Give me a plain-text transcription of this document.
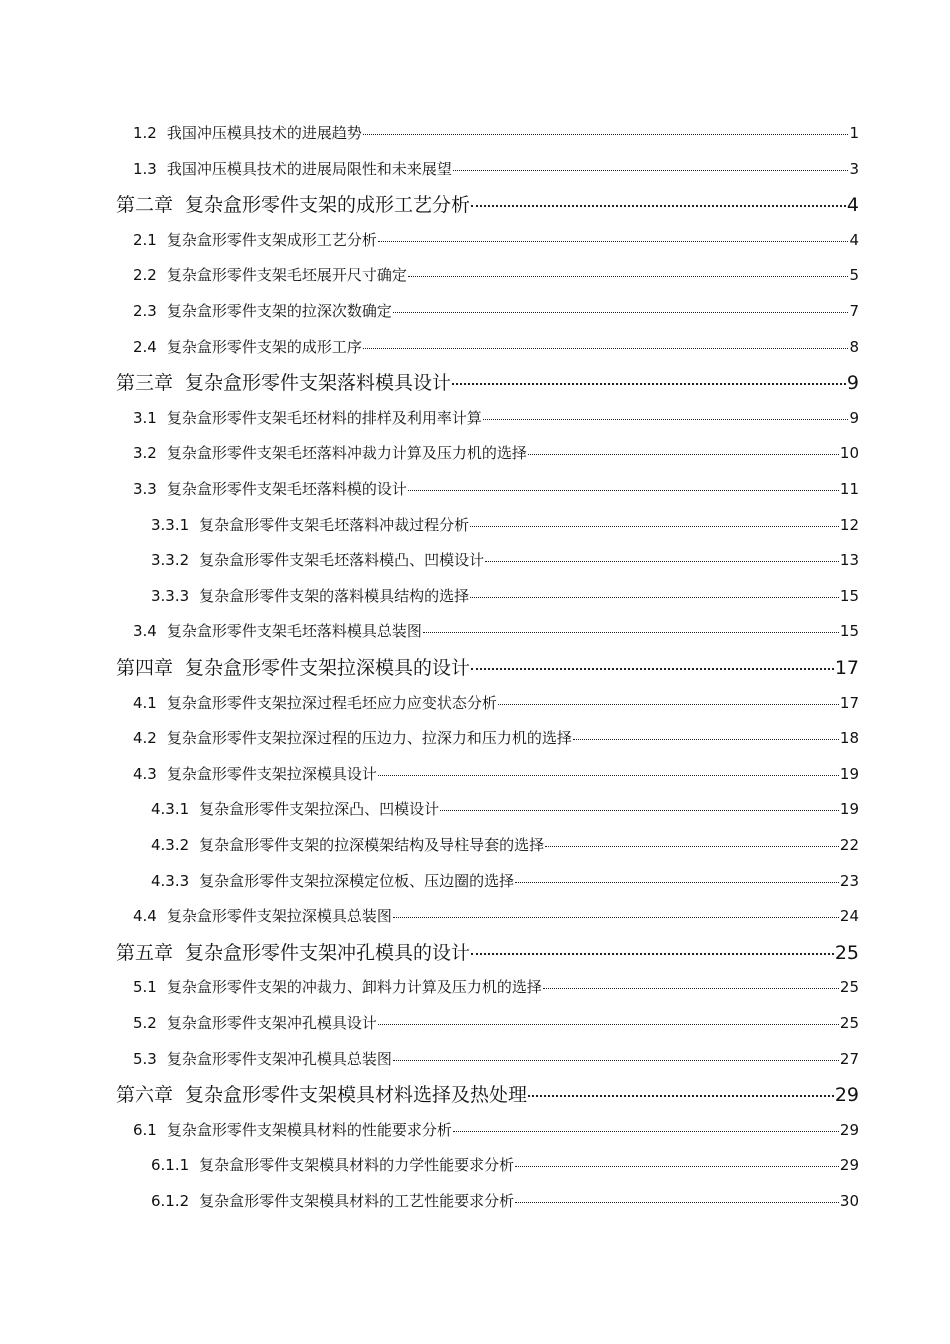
1.2 我国冲压模具技术的进展趋势	1
1.3 我国冲压模具技术的进展局限性和未来展望	3
第二章 复杂盒形零件支架的成形工艺分析	4
2.1 复杂盒形零件支架成形工艺分析	4
2.2 复杂盒形零件支架毛坯展开尺寸确定	5
2.3 复杂盒形零件支架的拉深次数确定	7
2.4 复杂盒形零件支架的成形工序	8
第三章 复杂盒形零件支架落料模具设计	9
3.1 复杂盒形零件支架毛坯材料的排样及利用率计算	9
3.2 复杂盒形零件支架毛坯落料冲裁力计算及压力机的选择	10
3.3 复杂盒形零件支架毛坯落料模的设计	11
3.3.1 复杂盒形零件支架毛坯落料冲裁过程分析	12
3.3.2 复杂盒形零件支架毛坯落料模凸、凹模设计	13
3.3.3 复杂盒形零件支架的落料模具结构的选择	15
3.4 复杂盒形零件支架毛坯落料模具总装图	15
第四章 复杂盒形零件支架拉深模具的设计	17
4.1 复杂盒形零件支架拉深过程毛坯应力应变状态分析	17
4.2 复杂盒形零件支架拉深过程的压边力、拉深力和压力机的选择	18
4.3 复杂盒形零件支架拉深模具设计	19
4.3.1 复杂盒形零件支架拉深凸、凹模设计	19
4.3.2 复杂盒形零件支架的拉深模架结构及导柱导套的选择	22
4.3.3 复杂盒形零件支架拉深模定位板、压边圈的选择	23
4.4 复杂盒形零件支架拉深模具总装图	24
第五章 复杂盒形零件支架冲孔模具的设计	25
5.1 复杂盒形零件支架的冲裁力、卸料力计算及压力机的选择	25
5.2 复杂盒形零件支架冲孔模具设计	25
5.3 复杂盒形零件支架冲孔模具总装图	27
第六章 复杂盒形零件支架模具材料选择及热处理	29
6.1 复杂盒形零件支架模具材料的性能要求分析	29
6.1.1 复杂盒形零件支架模具材料的力学性能要求分析	29
6.1.2 复杂盒形零件支架模具材料的工艺性能要求分析	30
